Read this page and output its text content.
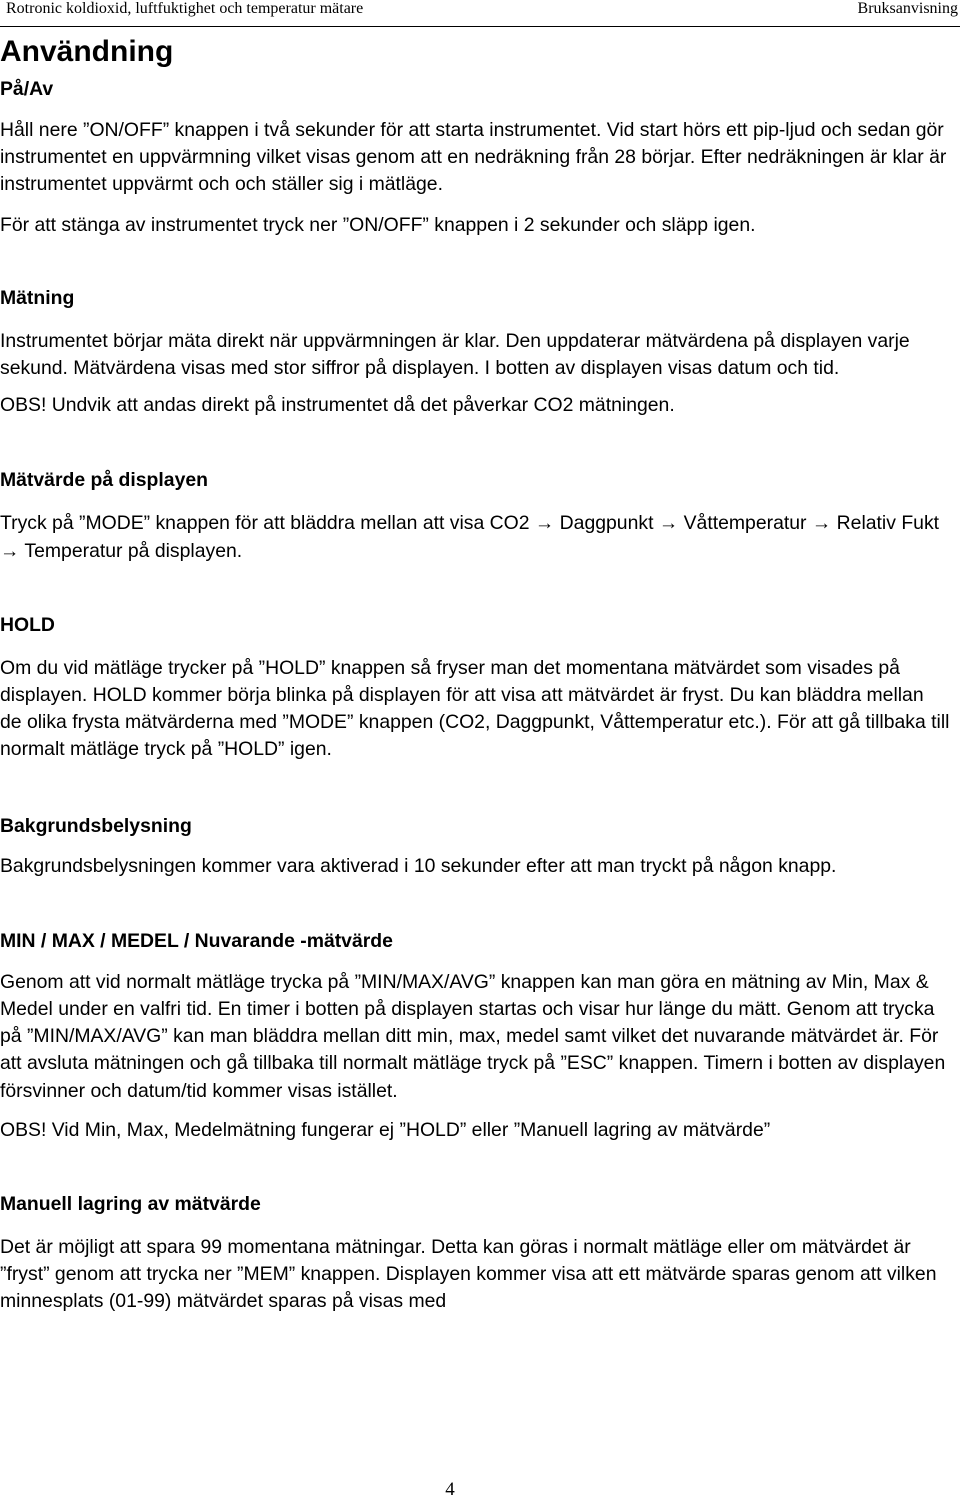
Rotronic koldioxid, luftfuktighet och temperatur mätare	Bruksanvisning
Användning
På/Av

Håll nere ”ON/OFF” knappen i två sekunder för att starta instrumentet. Vid start hörs ett pip-ljud och sedan gör instrumentet en uppvärmning vilket visas genom att en nedräkning från 28 börjar. Efter nedräkningen är klar är instrumentet uppvärmt och och ställer sig i mätläge.

För att stänga av instrumentet tryck ner ”ON/OFF” knappen i 2 sekunder och släpp igen.

Mätning

Instrumentet börjar mäta direkt när uppvärmningen är klar. Den uppdaterar mätvärdena på displayen varje sekund. Mätvärdena visas med stor siffror på displayen. I botten av displayen visas datum och tid.

OBS! Undvik att andas direkt på instrumentet då det påverkar CO2 mätningen.

Mätvärde på displayen

Tryck på ”MODE” knappen för att bläddra mellan att visa CO2 → Daggpunkt → Våttemperatur → Relativ Fukt → Temperatur på displayen.

HOLD

Om du vid mätläge trycker på ”HOLD” knappen så fryser man det momentana mätvärdet som visades på displayen. HOLD kommer börja blinka på displayen för att visa att mätvärdet är fryst. Du kan bläddra mellan de olika frysta mätvärderna med ”MODE” knappen (CO2, Daggpunkt, Våttemperatur etc.). För att gå tillbaka till normalt mätläge tryck på ”HOLD” igen.

Bakgrundsbelysning

Bakgrundsbelysningen kommer vara aktiverad i 10 sekunder efter att man tryckt på någon knapp.

MIN / MAX / MEDEL / Nuvarande -mätvärde

Genom att vid normalt mätläge trycka på ”MIN/MAX/AVG” knappen kan man göra en mätning av Min, Max & Medel under en valfri tid. En timer i botten på displayen startas och visar hur länge du mätt. Genom att trycka på ”MIN/MAX/AVG” kan man bläddra mellan ditt min, max, medel samt vilket det nuvarande mätvärdet är. För att avsluta mätningen och gå tillbaka till normalt mätläge tryck på ”ESC” knappen. Timern i botten av displayen försvinner och datum/tid kommer visas istället.

OBS! Vid Min, Max, Medelmätning fungerar ej ”HOLD” eller ”Manuell lagring av mätvärde”

Manuell lagring av mätvärde

Det är möjligt att spara 99 momentana mätningar. Detta kan göras i normalt mätläge eller om mätvärdet är ”fryst” genom att trycka ner ”MEM” knappen. Displayen kommer visa att ett mätvärde sparas genom att vilken minnesplats (01-99) mätvärdet sparas på visas med

4
